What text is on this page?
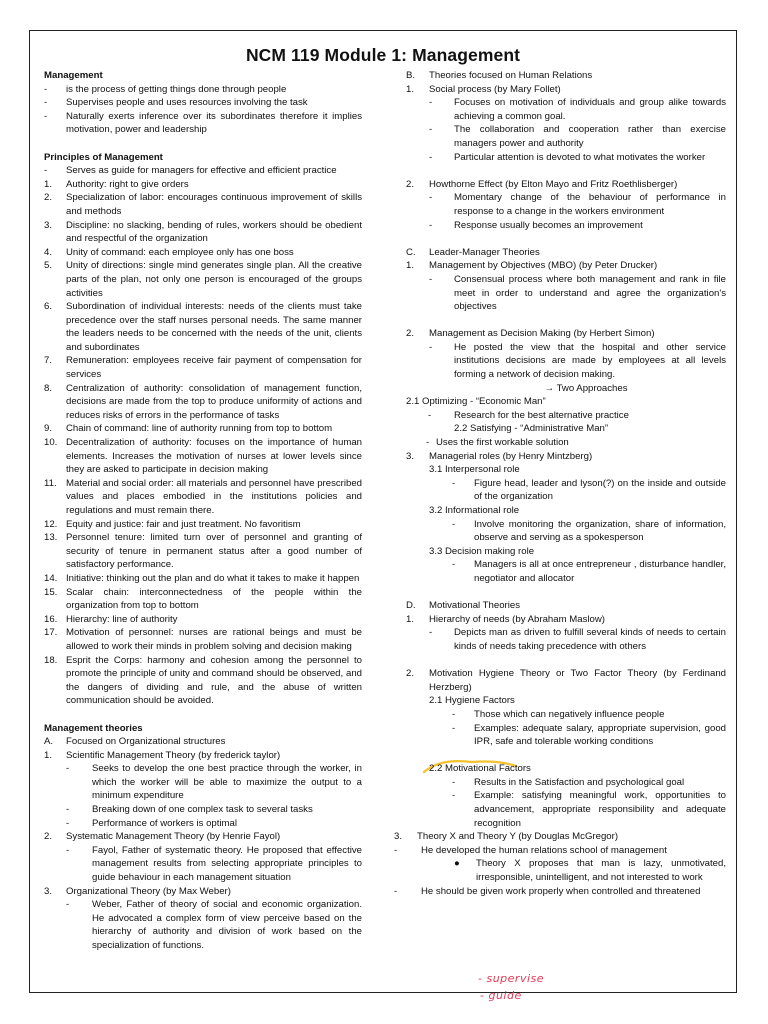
NCM 119 Module 1: Management
Management
-	is the process of getting things done through people
-	Supervises people and uses resources involving the task
-	Naturally exerts inference over its subordinates therefore it implies motivation, power and leadership
Principles of Management
-	Serves as guide for managers for effective and efficient practice
1.	Authority: right to give orders
2.	Specialization of labor: encourages continuous improvement of skills and methods
3.	Discipline: no slacking, bending of rules, workers should be obedient and respectful of the organization
4.	Unity of command: each employee only has one boss
5.	Unity of directions: single mind generates single plan. All the creative parts of the plan, not only one person is encouraged of the groups activities
6.	Subordination of individual interests: needs of the clients must take precedence over the staff nurses personal needs. The same manner the leaders needs to be concerned with the needs of the unit, clients and subordinates
7.	Remuneration: employees receive fair payment of compensation for services
8.	Centralization of authority: consolidation of management function, decisions are made from the top to produce uniformity of actions and reduces risks of errors in the performance of tasks
9.	Chain of command: line of authority running from top to bottom
10. Decentralization of authority: focuses on the importance of human elements. Increases the motivation of nurses at lower levels since they are asked to participate in decision making
11. Material and social order: all materials and personnel have prescribed values and places embodied in the institutions policies and regulations and must remain there.
12. Equity and justice: fair and just treatment. No favoritism
13. Personnel tenure: limited turn over of personnel and granting of security of tenure in permanent status after a good number of satisfactory performance.
14. Initiative: thinking out the plan and do what it takes to make it happen
15. Scalar chain: interconnectedness of the people within the organization from top to bottom
16. Hierarchy: line of authority
17. Motivation of personnel: nurses are rational beings and must be allowed to work their minds in problem solving and decision making
18. Esprit the Corps: harmony and cohesion among the personnel to promote the principle of unity and command should be observed, and the dangers of dividing and rule, and the abuse of written communication should be avoided.
Management theories
A.	Focused on Organizational structures
1.	Scientific Management Theory (by frederick taylor)
-	Seeks to develop the one best practice through the worker, in which the worker will be able to maximize the output to a minimum expenditure
-	Breaking down of one complex task to several tasks
-	Performance of workers is optimal
2.	Systematic Management Theory (by Henrie Fayol)
-	Fayol, Father of systematic theory. He proposed that effective management results from selecting appropriate principles to guide behaviour in each management situation
3.	Organizational Theory (by Max Weber)
-	Weber, Father of theory of social and economic organization. He advocated a complex form of view perceive based on the hierarchy of authority and division of work based on the specialization of functions.
B.	Theories focused on Human Relations
1.	Social process (by Mary Follet)
-	Focuses on motivation of individuals and group alike towards achieving a common goal.
-	The collaboration and cooperation rather than exercise managers power and authority
-	Particular attention is devoted to what motivates the worker
2.	Howthorne Effect (by Elton Mayo and Fritz Roethlisberger)
-	Momentary change of the behaviour of performance in response to a change in the workers environment
-	Response usually becomes an improvement
C.	Leader-Manager Theories
1.	Management by Objectives (MBO) (by Peter Drucker)
-	Consensual process where both management and rank in file meet in order to understand and agree the organization's objectives
2.	Management as Decision Making (by Herbert Simon)
-	He posted the view that the hospital and other service institutions decisions are made by employees at all levels forming a network of decision making.
→ Two Approaches
2.1 Optimizing - “Economic Man”
-	Research for the best alternative practice
2.2 Satisfying - “Administrative Man”
- Uses the first workable solution
3.	Managerial roles (by Henry Mintzberg)
3.1 Interpersonal role
-	Figure head, leader and lyson(?) on the inside and outside of the organization
3.2 Informational role
-	Involve monitoring the organization, share of information, observe and serving as a spokesperson
3.3 Decision making role
-	Managers is all at once entrepreneur , disturbance handler, negotiator and allocator
D.	Motivational Theories
1.	Hierarchy of needs (by Abraham Maslow)
-	Depicts man as driven to fulfill several kinds of needs to certain kinds of needs taking precedence with others
2.	Motivation Hygiene Theory or Two Factor Theory (by Ferdinand Herzberg)
2.1 Hygiene Factors
-	Those which can negatively influence people
-	Examples: adequate salary, appropriate supervision, good IPR, safe and tolerable working conditions
2.2 Motivational Factors
-	Results in the Satisfaction and psychological goal
-	Example: satisfying meaningful work, opportunities to advancement, appropriate responsibility and adequate recognition
3.	Theory X and Theory Y (by Douglas McGregor)
-	He developed the human relations school of management
●	Theory X proposes that man is lazy, unmotivated, irresponsible, unintelligent, and not interested to work
-	He should be given work properly when controlled and threatened
- supervise
- guide
